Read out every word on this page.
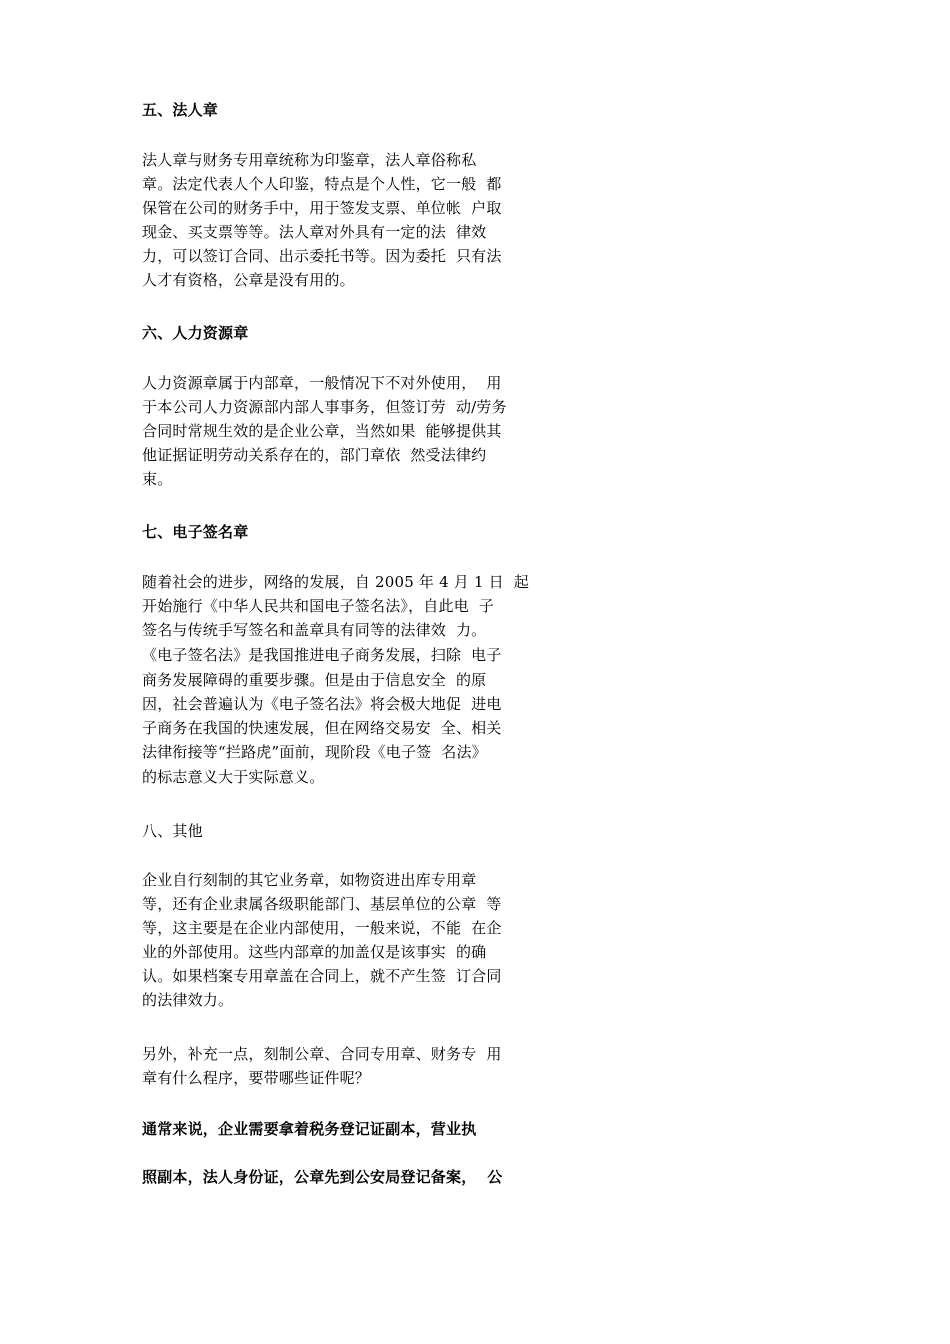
五、法人章
法人章与财务专用章统称为印鉴章，法人章俗称私
章。法定代表人个人印鉴，特点是个人性，它一般  都
保管在公司的财务手中，用于签发支票、单位帐  户取
现金、买支票等等。法人章对外具有一定的法  律效
力，可以签订合同、出示委托书等。因为委托  只有法
人才有资格，公章是没有用的。
六、人力资源章
人力资源章属于内部章，一般情况下不对外使用，  用
于本公司人力资源部内部人事事务，但签订劳  动/劳务
合同时常规生效的是企业公章，当然如果  能够提供其
他证据证明劳动关系存在的，部门章依  然受法律约
束。
七、电子签名章
随着社会的进步，网络的发展，自 2005 年 4 月 1 日  起
开始施行《中华人民共和国电子签名法》，自此电  子
签名与传统手写签名和盖章具有同等的法律效  力。
《电子签名法》是我国推进电子商务发展，扫除  电子
商务发展障碍的重要步骤。但是由于信息安全  的原
因，社会普遍认为《电子签名法》将会极大地促  进电
子商务在我国的快速发展，但在网络交易安  全、相关
法律衔接等“拦路虎”面前，现阶段《电子签  名法》
的标志意义大于实际意义。
八、其他
企业自行刻制的其它业务章，如物资进出库专用章
等，还有企业隶属各级职能部门、基层单位的公章  等
等，这主要是在企业内部使用，一般来说，不能  在企
业的外部使用。这些内部章的加盖仅是该事实  的确
认。如果档案专用章盖在合同上，就不产生签  订合同
的法律效力。
另外，补充一点，刻制公章、合同专用章、财务专  用
章有什么程序，要带哪些证件呢？
通常来说，企业需要拿着税务登记证副本，营业执
照副本，法人身份证，公章先到公安局登记备案，  公
